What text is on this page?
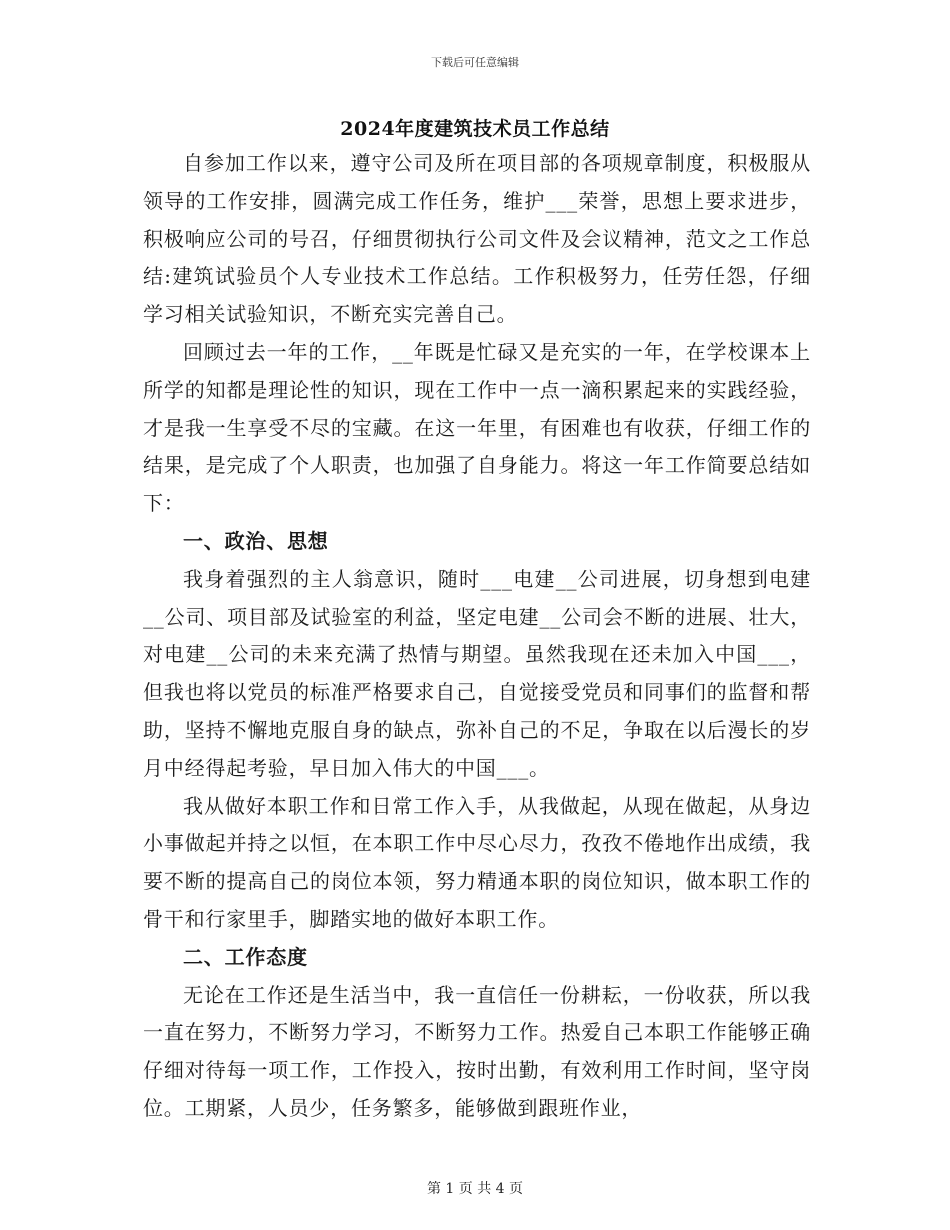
下载后可任意编辑
2024年度建筑技术员工作总结

自参加工作以来，遵守公司及所在项目部的各项规章制度，积极服从领导的工作安排，圆满完成工作任务，维护___荣誉，思想上要求进步，积极响应公司的号召，仔细贯彻执行公司文件及会议精神，范文之工作总结:建筑试验员个人专业技术工作总结。工作积极努力，任劳任怨，仔细学习相关试验知识，不断充实完善自己。

回顾过去一年的工作，__年既是忙碌又是充实的一年，在学校课本上所学的知都是理论性的知识，现在工作中一点一滴积累起来的实践经验，才是我一生享受不尽的宝藏。在这一年里，有困难也有收获，仔细工作的结果，是完成了个人职责，也加强了自身能力。将这一年工作简要总结如下：

一、政治、思想

我身着强烈的主人翁意识，随时___电建__公司进展，切身想到电建__公司、项目部及试验室的利益，坚定电建__公司会不断的进展、壮大，对电建__公司的未来充满了热情与期望。虽然我现在还未加入中国___，但我也将以党员的标准严格要求自己，自觉接受党员和同事们的监督和帮助，坚持不懈地克服自身的缺点，弥补自己的不足，争取在以后漫长的岁月中经得起考验，早日加入伟大的中国___。

我从做好本职工作和日常工作入手，从我做起，从现在做起，从身边小事做起并持之以恒，在本职工作中尽心尽力，孜孜不倦地作出成绩，我要不断的提高自己的岗位本领，努力精通本职的岗位知识，做本职工作的骨干和行家里手，脚踏实地的做好本职工作。

二、工作态度

无论在工作还是生活当中，我一直信任一份耕耘，一份收获，所以我一直在努力，不断努力学习，不断努力工作。热爱自己本职工作能够正确仔细对待每一项工作，工作投入，按时出勤，有效利用工作时间，坚守岗位。工期紧，人员少，任务繁多，能够做到跟班作业，

第 1 页 共 4 页
